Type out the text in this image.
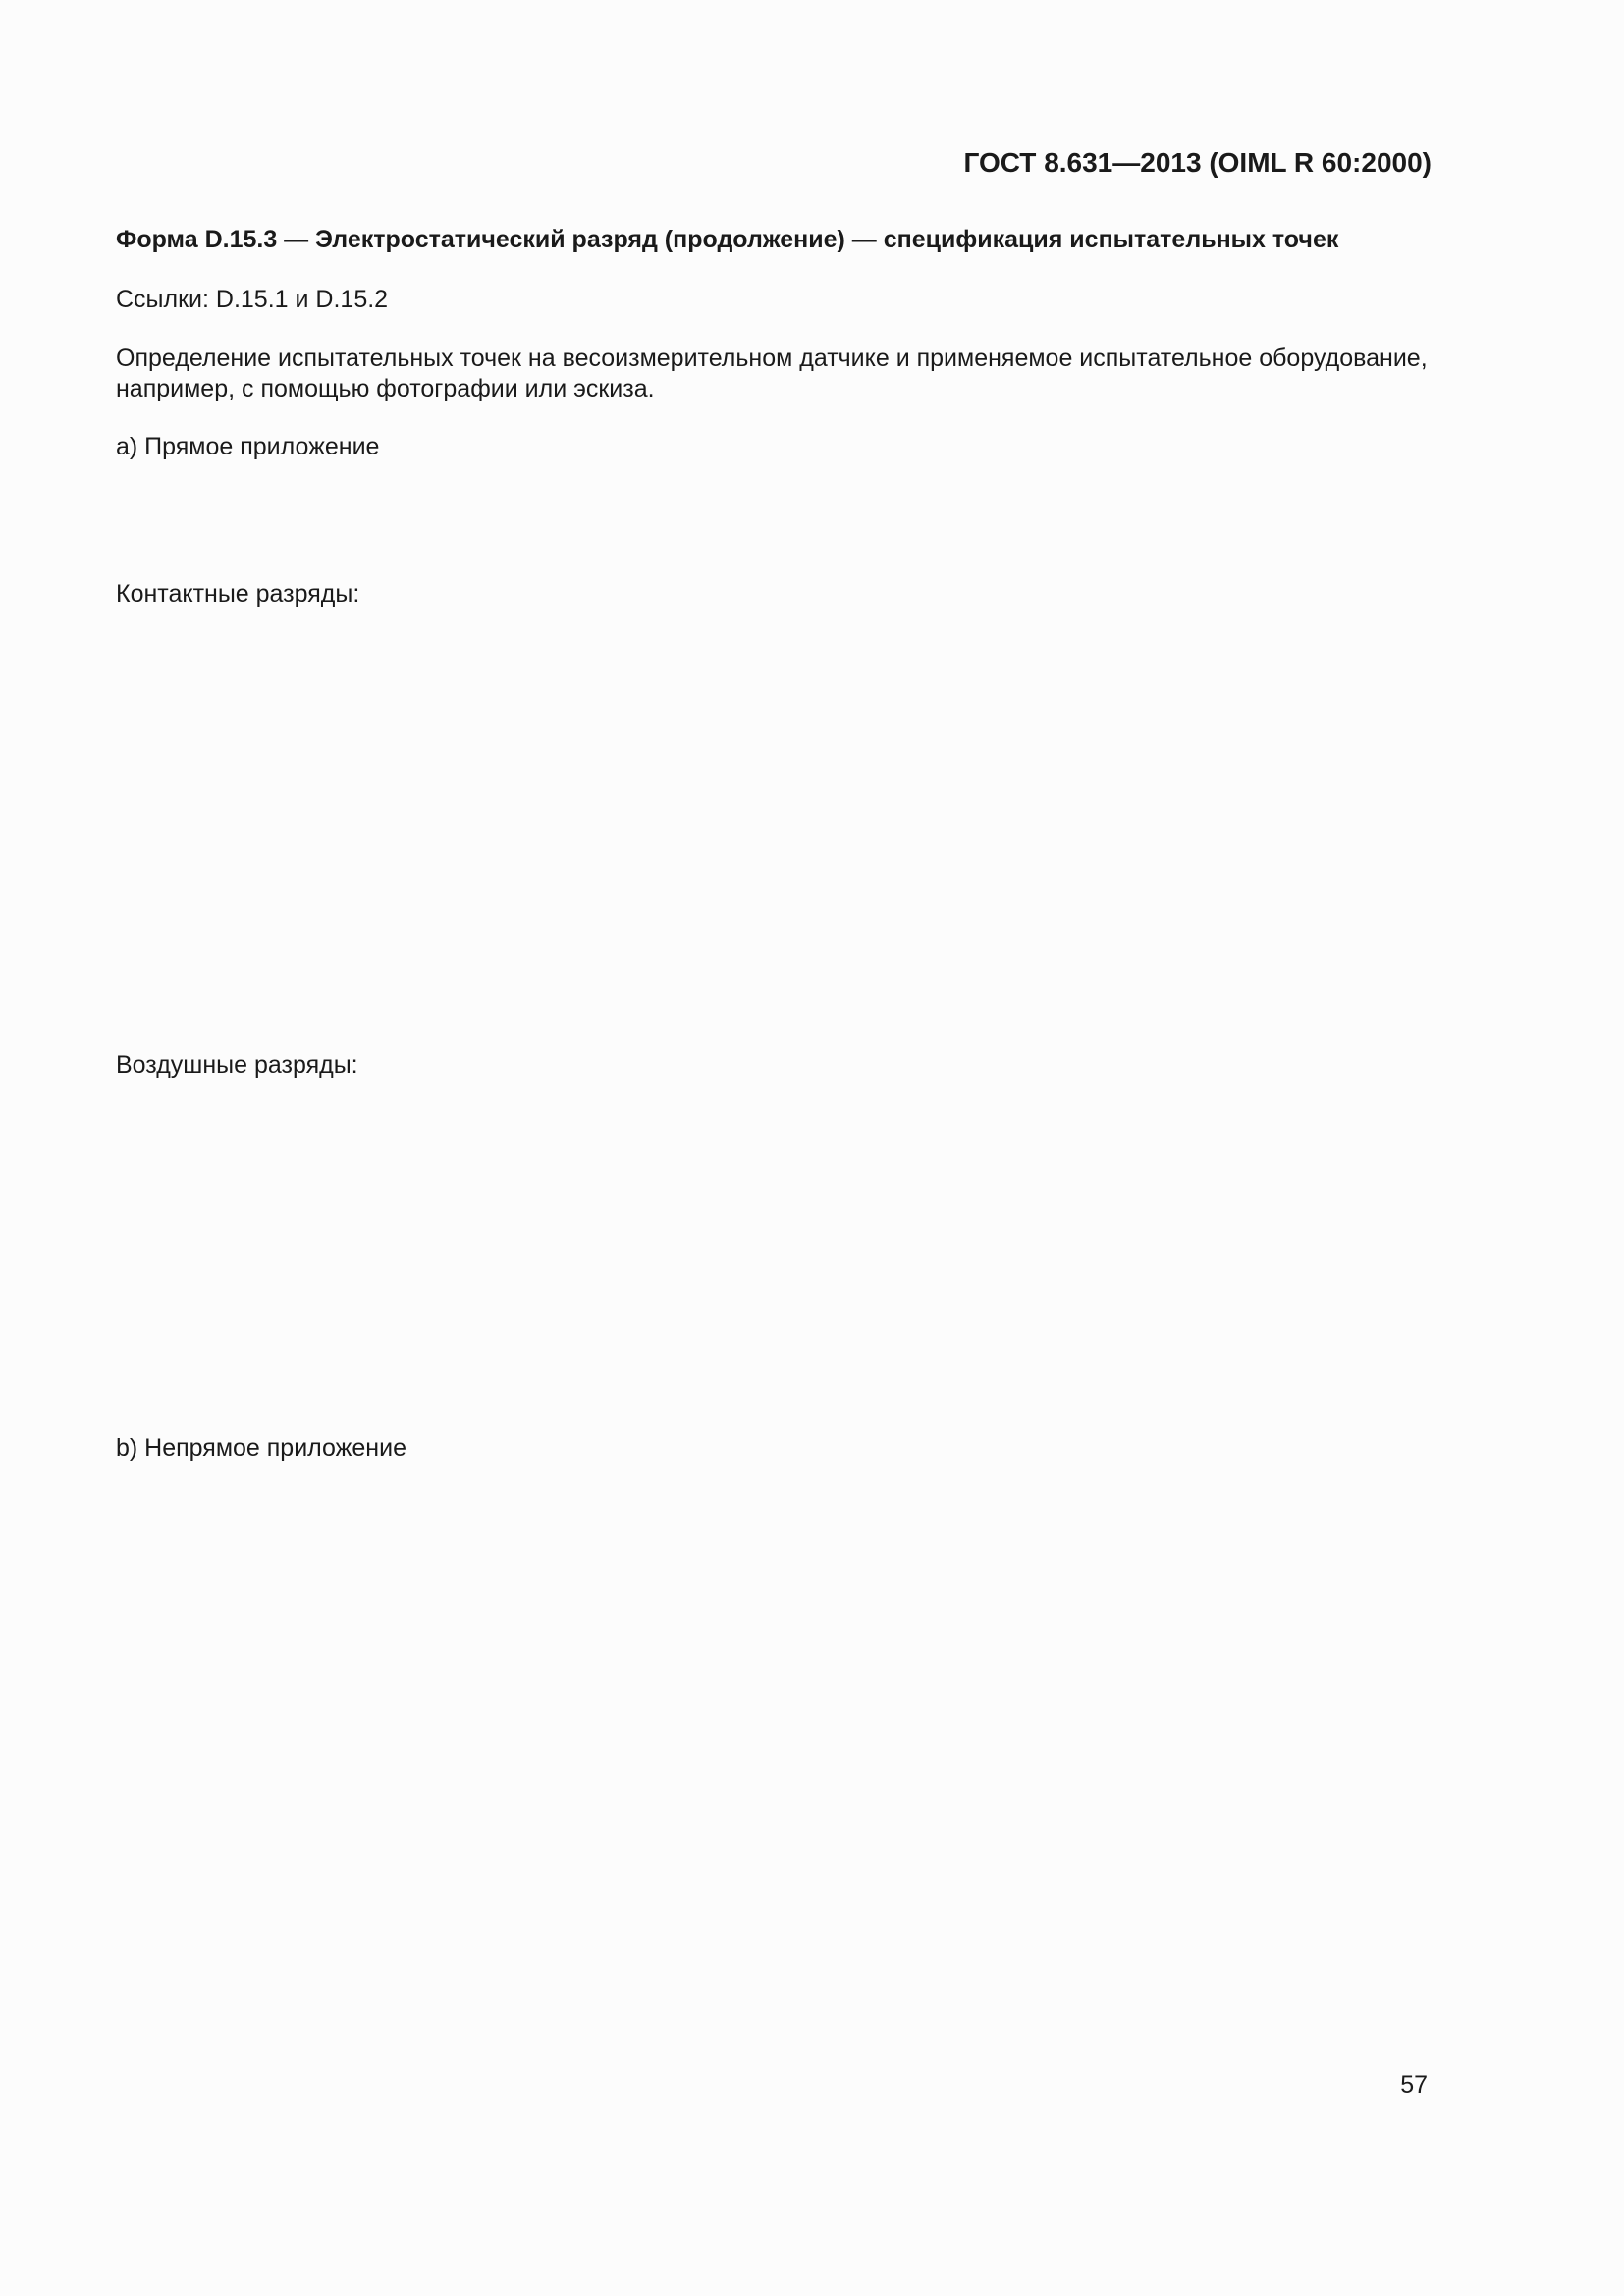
ГОСТ 8.631—2013 (OIML R 60:2000)
Форма D.15.3 — Электростатический разряд (продолжение) — спецификация испытательных точек
Ссылки: D.15.1 и D.15.2
Определение испытательных точек на весоизмерительном датчике и применяемое испытательное оборудование,
например, с помощью фотографии или эскиза.
а) Прямое приложение
Контактные разряды:
Воздушные разряды:
b) Непрямое приложение
57
